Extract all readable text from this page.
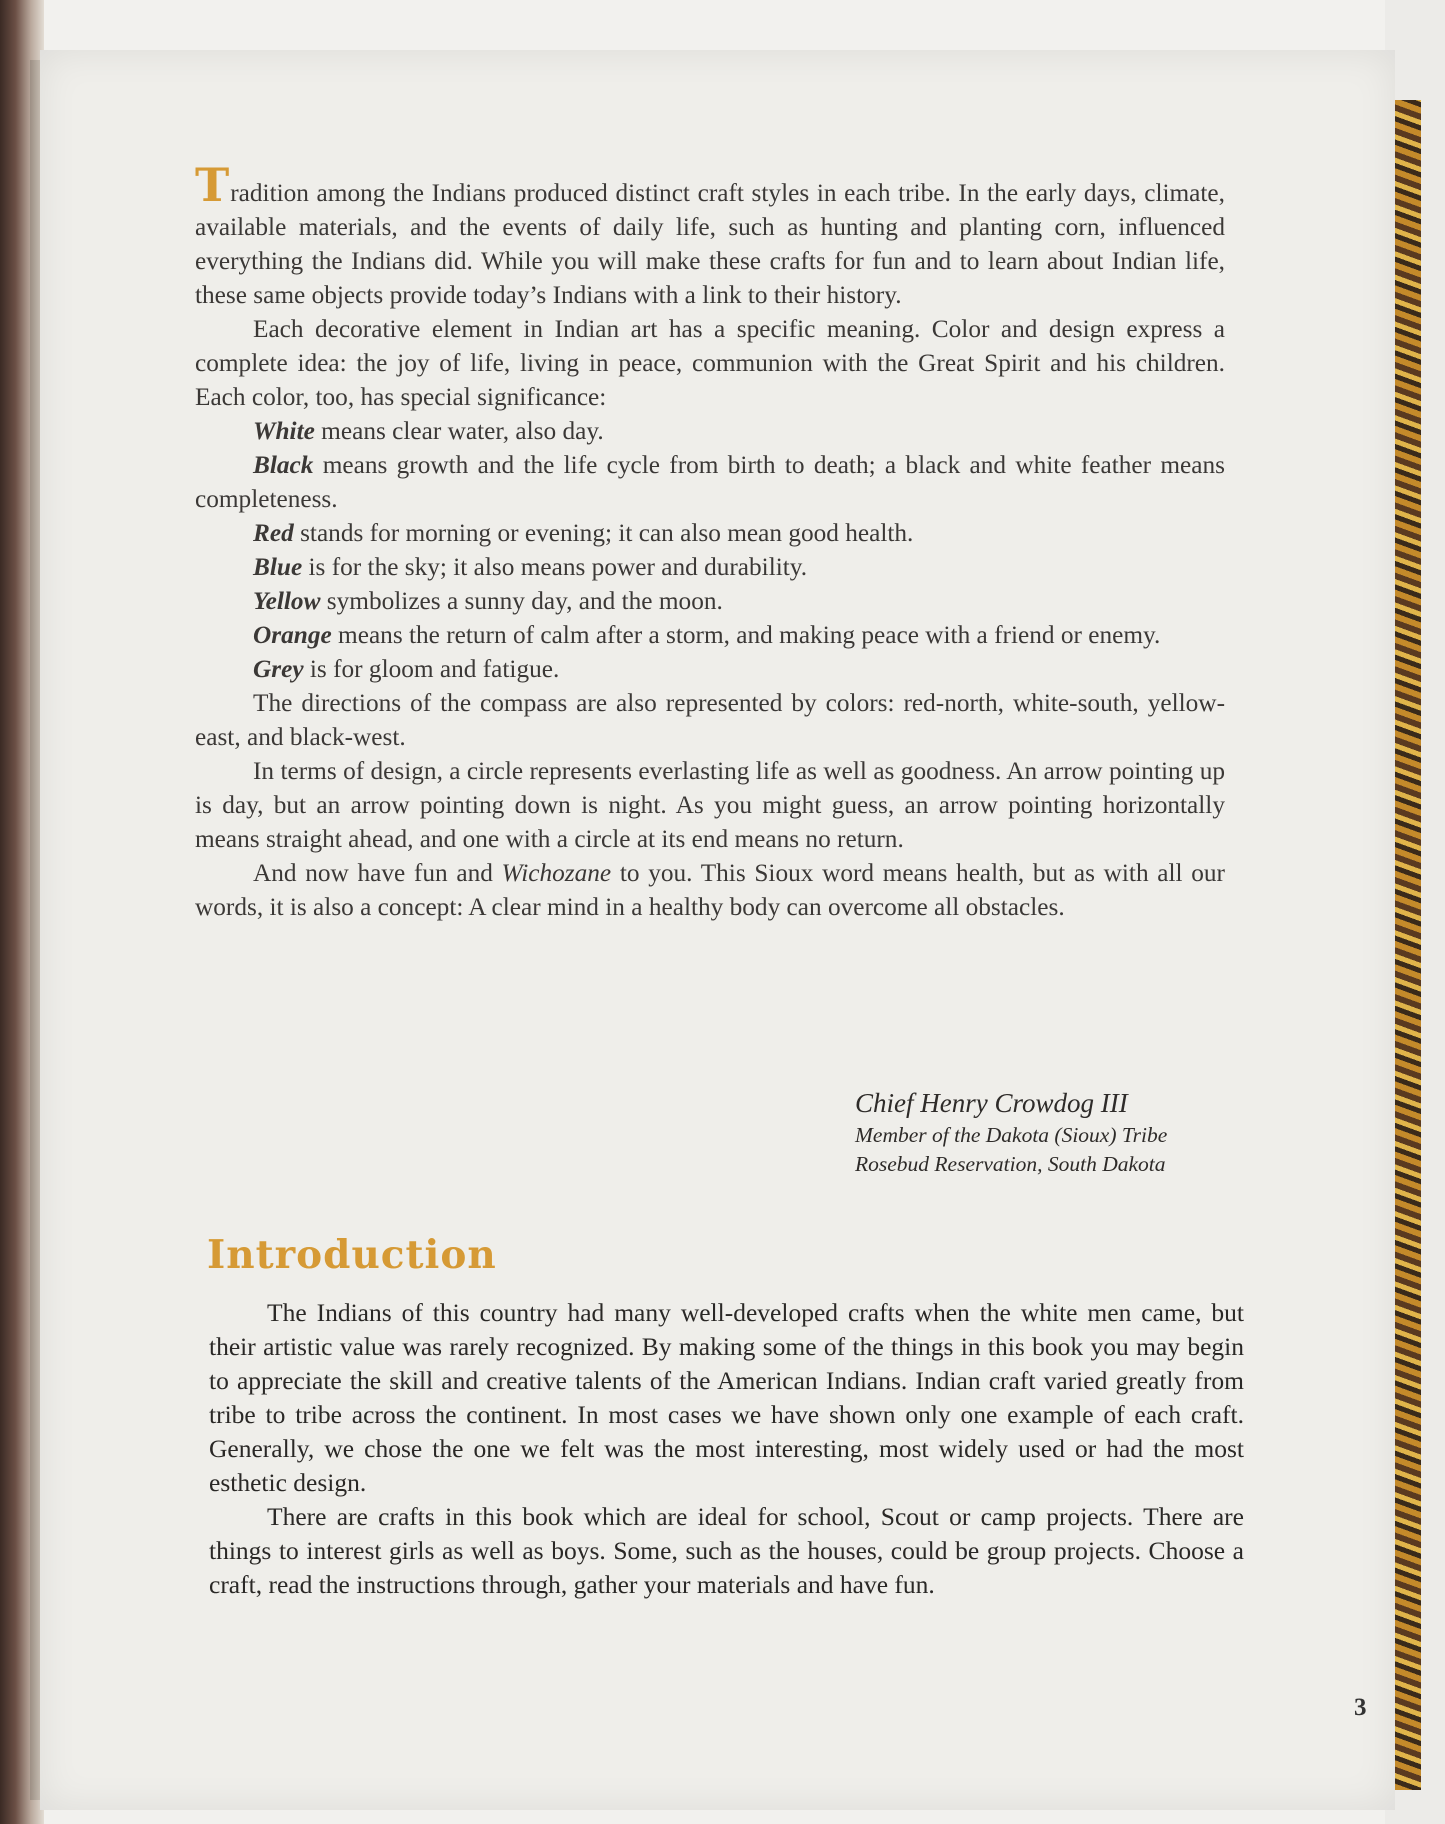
Tradition among the Indians produced distinct craft styles in each tribe. In the early days, climate, available materials, and the events of daily life, such as hunting and planting corn, influenced everything the Indians did. While you will make these crafts for fun and to learn about Indian life, these same objects provide today’s Indians with a link to their history.

Each decorative element in Indian art has a specific meaning. Color and design express a complete idea: the joy of life, living in peace, communion with the Great Spirit and his children. Each color, too, has special significance:

White means clear water, also day.

Black means growth and the life cycle from birth to death; a black and white feather means completeness.

Red stands for morning or evening; it can also mean good health.

Blue is for the sky; it also means power and durability.

Yellow symbolizes a sunny day, and the moon.

Orange means the return of calm after a storm, and making peace with a friend or enemy.

Grey is for gloom and fatigue.

The directions of the compass are also represented by colors: red-north, white-south, yellow-east, and black-west.

In terms of design, a circle represents everlasting life as well as goodness. An arrow pointing up is day, but an arrow pointing down is night. As you might guess, an arrow pointing horizontally means straight ahead, and one with a circle at its end means no return.

And now have fun and Wichozane to you. This Sioux word means health, but as with all our words, it is also a concept: A clear mind in a healthy body can overcome all obstacles.

Chief Henry Crowdog III
Member of the Dakota (Sioux) Tribe
Rosebud Reservation, South Dakota
Introduction

The Indians of this country had many well-developed crafts when the white men came, but their artistic value was rarely recognized. By making some of the things in this book you may begin to appreciate the skill and creative talents of the American Indians. Indian craft varied greatly from tribe to tribe across the continent. In most cases we have shown only one example of each craft. Generally, we chose the one we felt was the most interesting, most widely used or had the most esthetic design.

There are crafts in this book which are ideal for school, Scout or camp projects. There are things to interest girls as well as boys. Some, such as the houses, could be group projects. Choose a craft, read the instructions through, gather your materials and have fun.

3
